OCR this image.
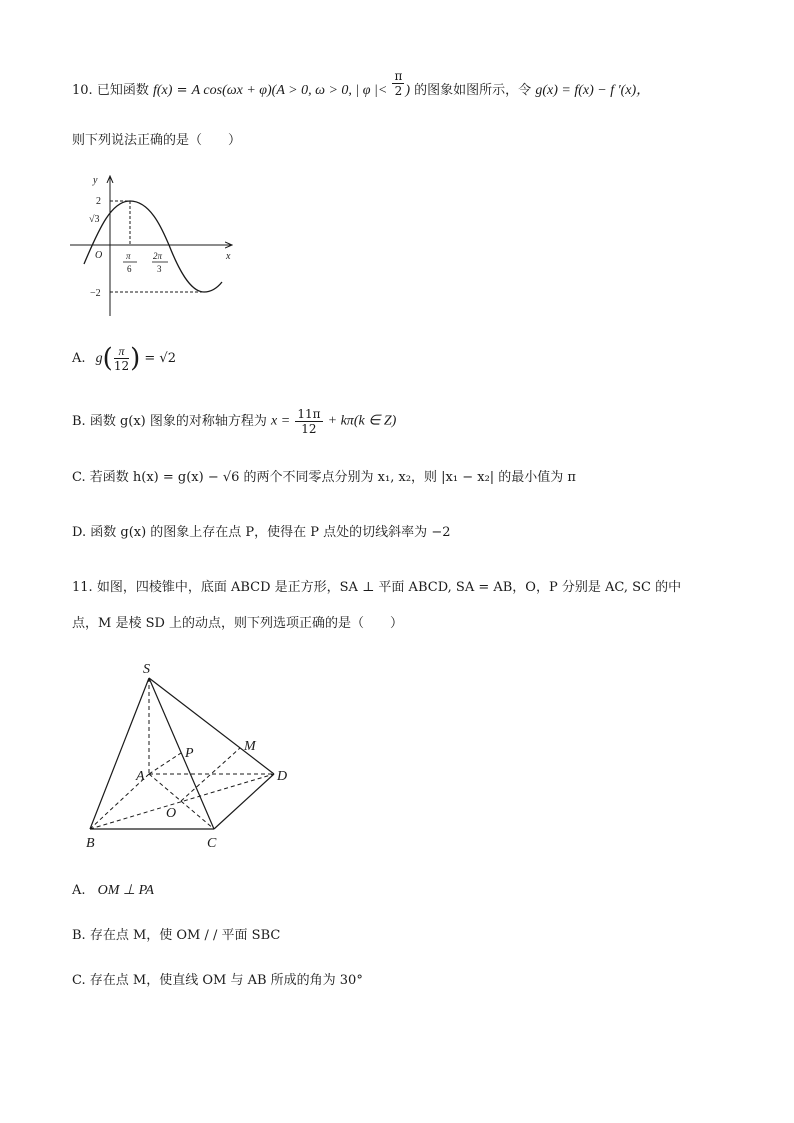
10. 已知函数 f(x) = A cos(ωx + φ)(A > 0, ω > 0, | φ |< $\frac{\pi}{2}$ ) 的图象如图所示，令 g(x) = f(x) − f ′(x)，
则下列说法正确的是（　　）
y
x
O
2
√3
−2
π
6
2π
3
A. $g( \frac{\pi}{12}$ ) = √2
B. 函数 g(x) 图象的对称轴方程为 $x = \frac{11\pi}{12} + k\pi(k$ ∈ Z)
C. 若函数 h(x) = g(x) − √6 的两个不同零点分别为 x₁, x₂，则 |x₁ − x₂| 的最小值为 π
D. 函数 g(x) 的图象上存在点 P，使得在 P 点处的切线斜率为 −2
11. 如图，四棱锥中，底面 ABCD 是正方形，SA ⊥ 平面 ABCD, SA = AB，O，P 分别是 AC, SC 的中
点，M 是棱 SD 上的动点，则下列选项正确的是（　　）
S
P	M
A	D
O
B	C
A. OM ⊥ PA
B. 存在点 M，使 OM / / 平面 SBC
C. 存在点 M，使直线 OM 与 AB 所成的角为 30°
